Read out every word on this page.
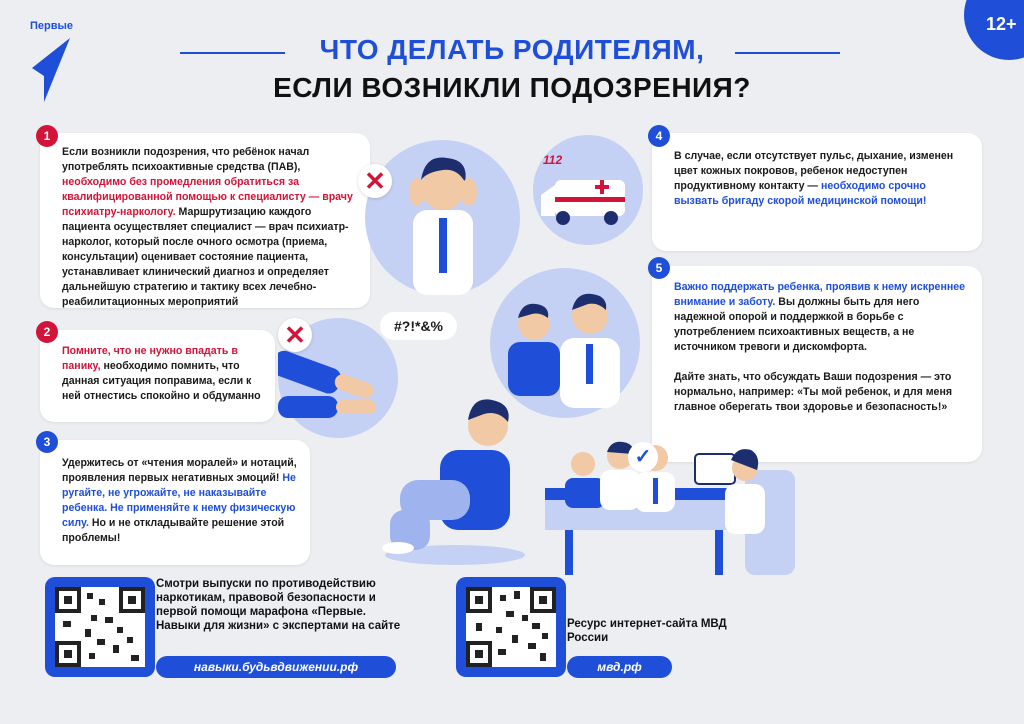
Первые	12+
ЧТО ДЕЛАТЬ РОДИТЕЛЯМ,
ЕСЛИ ВОЗНИКЛИ ПОДОЗРЕНИЯ?

Если возникли подозрения, что ребёнок начал употреблять психоактивные средства (ПАВ), необходимо без промедления обратиться за квалифицированной помощью к специалисту — врачу психиатру-наркологу. Маршрутизацию каждого пациента осуществляет специалист — врач психиатр-нарколог, который после очного осмотра (приема, консультации) оценивает состояние пациента, устанавливает клинический диагноз и определяет дальнейшую стратегию и тактику всех лечебно-реабилитационных мероприятий

1

Помните, что не нужно впадать в панику, необходимо помнить, что данная ситуация поправима, если к ней отнестись спокойно и обдуманно

2

Удержитесь от «чтения моралей» и нотаций, проявления первых негативных эмоций! Не ругайте, не угрожайте, не наказывайте ребенка. Не применяйте к нему физическую силу. Но и не откладывайте решение этой проблемы!

3

В случае, если отсутствует пульс, дыхание, изменен цвет кожных покровов, ребенок недоступен продуктивному контакту — необходимо срочно вызвать бригаду скорой медицинской помощи!

4

Важно поддержать ребенка, проявив к нему искреннее внимание и заботу. Вы должны быть для него надежной опорой и поддержкой в борьбе с употреблением психоактивных веществ, а не источником тревоги и дискомфорта.

Дайте знать, что обсуждать Ваши подозрения — это нормально, например: «Ты мой ребенок, и для меня главное оберегать твои здоровье и безопасность!»

5
✕
112
✕	#?!*&%
✓
Смотри выпуски по противодействию наркотикам, правовой безопасности и первой помощи марафона «Первые. Навыки для жизни» с экспертами на сайте
навыки.будьвдвижении.рф
Ресурс интернет-сайта МВД России
мвд.рф
